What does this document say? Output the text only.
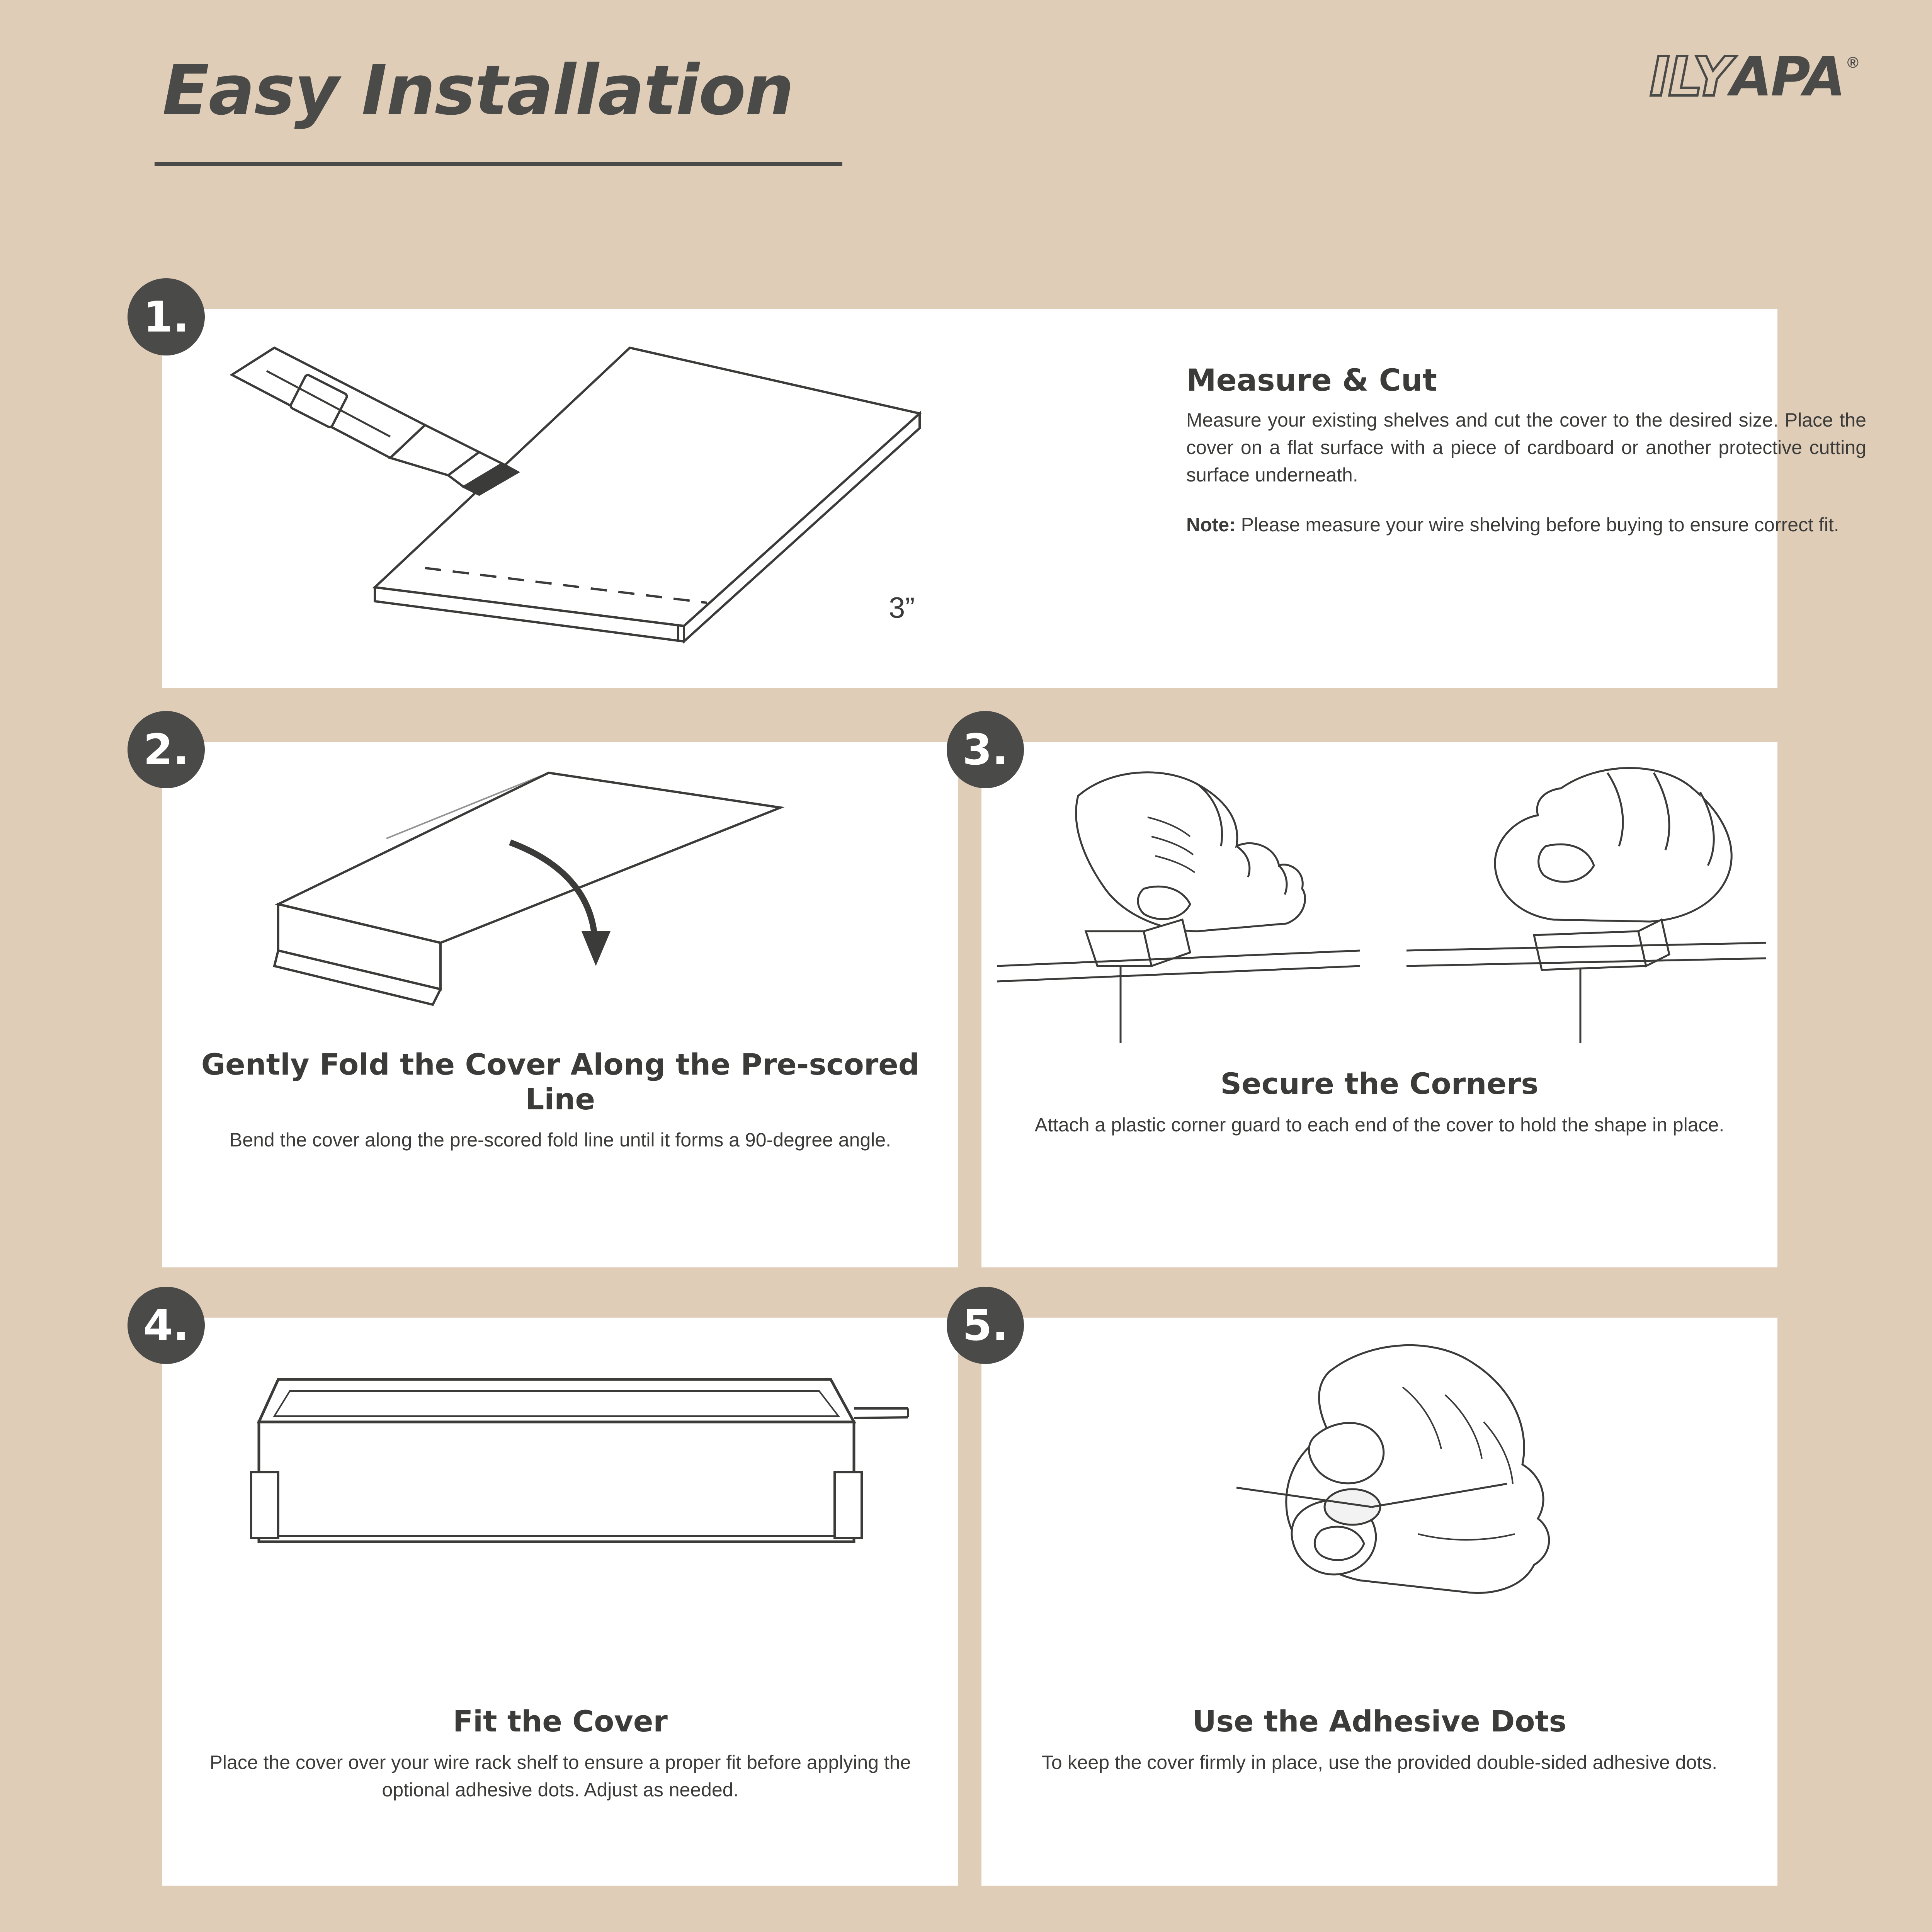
Easy Installation	ILY APA ®
1.
3”
Measure & Cut
Measure your existing shelves and cut the cover to the desired size. Place the cover on a flat surface with a piece of cardboard or another protective cutting surface underneath.
Note: Please measure your wire shelving before buying to ensure correct fit.
2.
Gently Fold the Cover Along the Pre-scored Line
Bend the cover along the pre-scored fold line until it forms a 90-degree angle.
3.
Secure the Corners
Attach a plastic corner guard to each end of the cover to hold the shape in place.
4.
Fit the Cover
Place the cover over your wire rack shelf to ensure a proper fit before applying the optional adhesive dots. Adjust as needed.
5.
Use the Adhesive Dots
To keep the cover firmly in place, use the provided double-sided adhesive dots.
